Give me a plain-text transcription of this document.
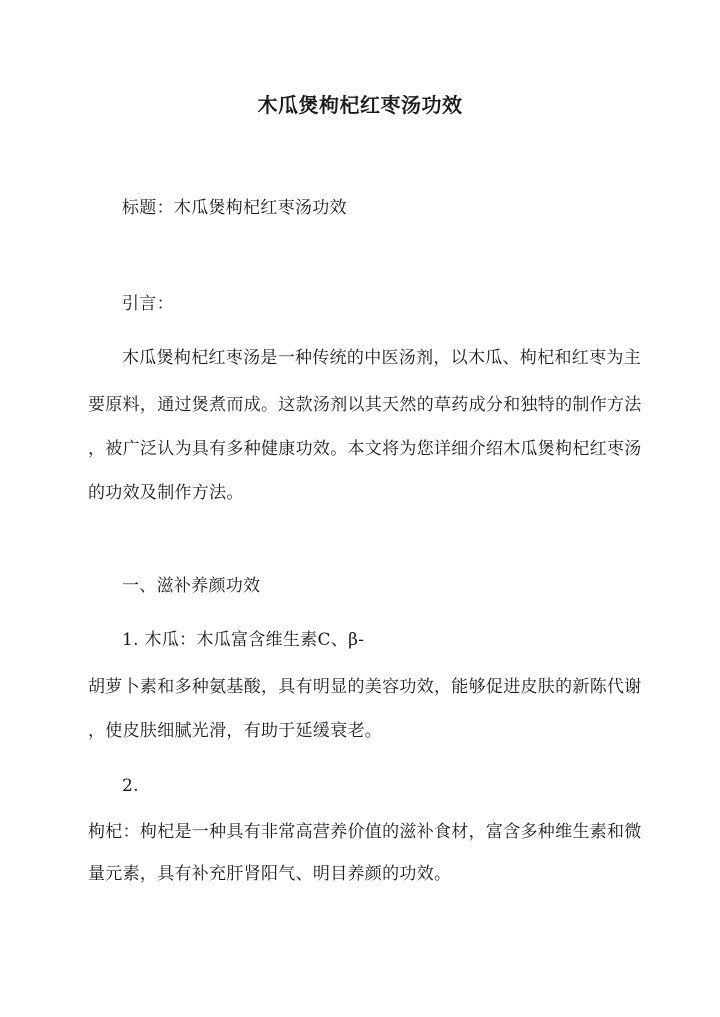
木瓜煲枸杞红枣汤功效
标题：木瓜煲枸杞红枣汤功效
引言：
木瓜煲枸杞红枣汤是一种传统的中医汤剂，以木瓜、枸杞和红枣为主
要原料，通过煲煮而成。这款汤剂以其天然的草药成分和独特的制作方法
，被广泛认为具有多种健康功效。本文将为您详细介绍木瓜煲枸杞红枣汤
的功效及制作方法。
一、滋补养颜功效
1. 木瓜：木瓜富含维生素C、β-
胡萝卜素和多种氨基酸，具有明显的美容功效，能够促进皮肤的新陈代谢
，使皮肤细腻光滑，有助于延缓衰老。
2.
枸杞：枸杞是一种具有非常高营养价值的滋补食材，富含多种维生素和微
量元素，具有补充肝肾阳气、明目养颜的功效。
